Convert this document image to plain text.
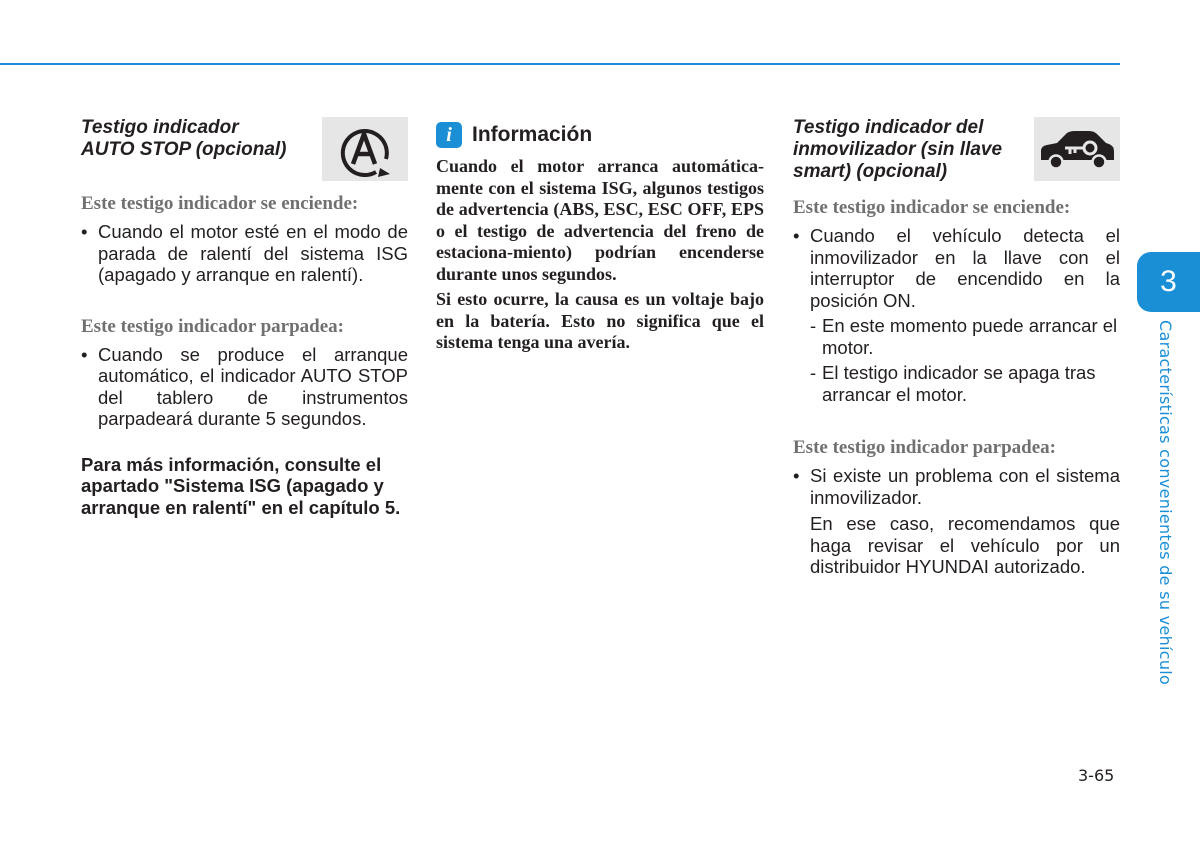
Testigo indicador

AUTO STOP (opcional)

Este testigo indicador se enciende:

• Cuando el motor esté en el modo de parada de ralentí del sistema ISG (apagado y arranque en ralentí).

Este testigo indicador parpadea:

• Cuando se produce el arranque automático, el indicador AUTO STOP del tablero de instrumentos parpadeará durante 5 segundos.

Para más información, consulte el apartado "Sistema ISG (apagado y arranque en ralentí" en el capítulo 5.

i Información

Cuando el motor arranca automática-mente con el sistema ISG, algunos testigos de advertencia (ABS, ESC, ESC OFF, EPS o el testigo de advertencia del freno de estaciona-miento) podrían encenderse durante unos segundos.

Si esto ocurre, la causa es un voltaje bajo en la batería. Esto no significa que el sistema tenga una avería.

Testigo indicador del

inmovilizador (sin llave

smart) (opcional)

Este testigo indicador se enciende:

• Cuando el vehículo detecta el inmovilizador en la llave con el interruptor de encendido en la posición ON.
- En este momento puede arrancar el motor.
- El testigo indicador se apaga tras arrancar el motor.

Este testigo indicador parpadea:

• Si existe un problema con el sistema inmovilizador.
En ese caso, recomendamos que haga revisar el vehículo por un distribuidor HYUNDAI autorizado.
3
Características convenientes de su vehículo
3-65
